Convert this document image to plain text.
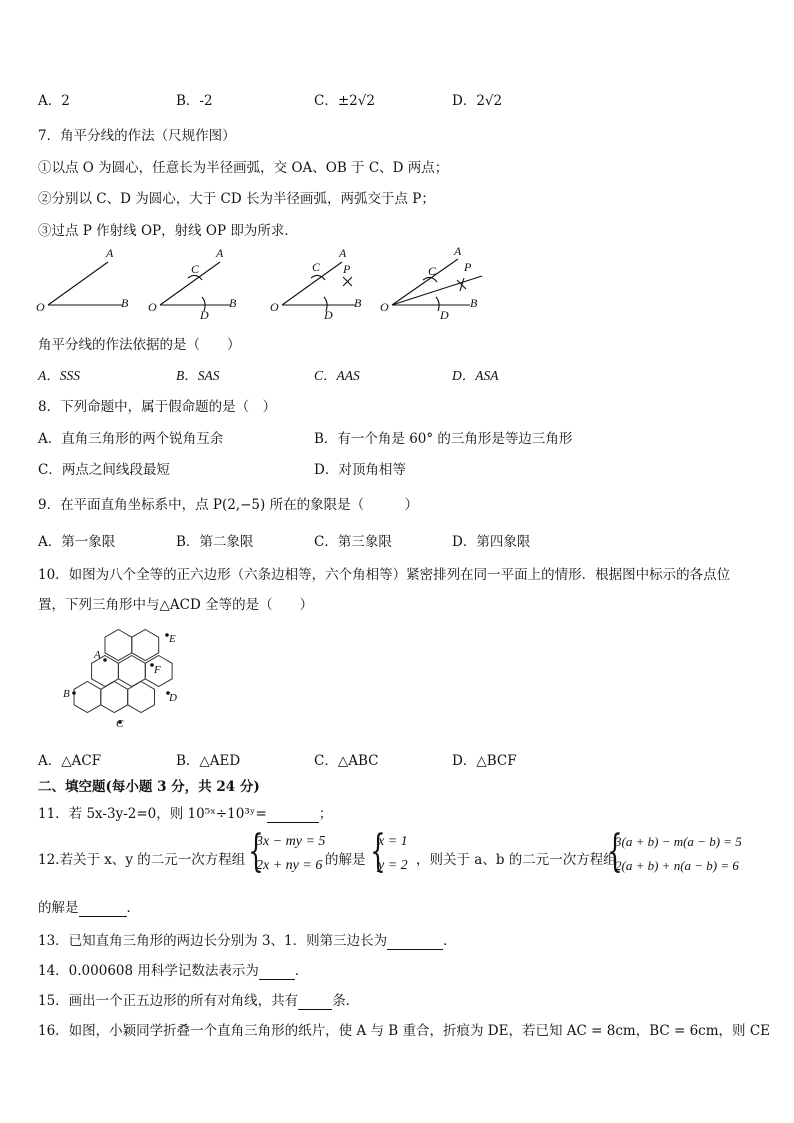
A．2	B．-2	C．±2√2	D．2√2
7．角平分线的作法（尺规作图）
①以点 O 为圆心，任意长为半径画弧，交 OA、OB 于 C、D 两点；
②分别以 C、D 为圆心，大于 CD 长为半径画弧，两弧交于点 P；
③过点 P 作射线 OP，射线 OP 即为所求．
O
A
B O
A
B
C
D
O
A
B
C
D
P
O
A
B
C
D
P
角平分线的作法依据的是（　　）
A．SSS	B．SAS	C．AAS	D．ASA
8．下列命题中，属于假命题的是（　）
A．直角三角形的两个锐角互余	B．有一个角是 60° 的三角形是等边三角形
C．两点之间线段最短	D．对顶角相等
9．在平面直角坐标系中，点 P(2,−5) 所在的象限是（　　　）
A．第一象限	B．第二象限	C．第三象限	D．第四象限
10．如图为八个全等的正六边形（六条边相等，六个角相等）紧密排列在同一平面上的情形．根据图中标示的各点位
置，下列三角形中与△ACD 全等的是（　　）
A
B
C
D
E
F
A．△ACF	B．△AED	C．△ABC	D．△BCF
二、填空题(每小题 3 分，共 24 分)
11．若 5x-3y-2=0，则 10⁵ˣ÷10³ʸ=	；
12.若关于 x、y 的二元一次方程组 {
3x − my = 5
2x + ny = 6 的解是 {
x = 1
y = 2 ，则关于 a、b 的二元一次方程组
{
3(a + b) − m(a − b) = 5
2(a + b) + n(a − b) = 6
的解是	．
13．已知直角三角形的两边长分别为 3、1．则第三边长为	．
14．0.000608 用科学记数法表示为	．
15．画出一个正五边形的所有对角线，共有	条．
16．如图，小颖同学折叠一个直角三角形的纸片，使 A 与 B 重合，折痕为 DE，若已知 AC = 8cm，BC = 6cm，则 CE
